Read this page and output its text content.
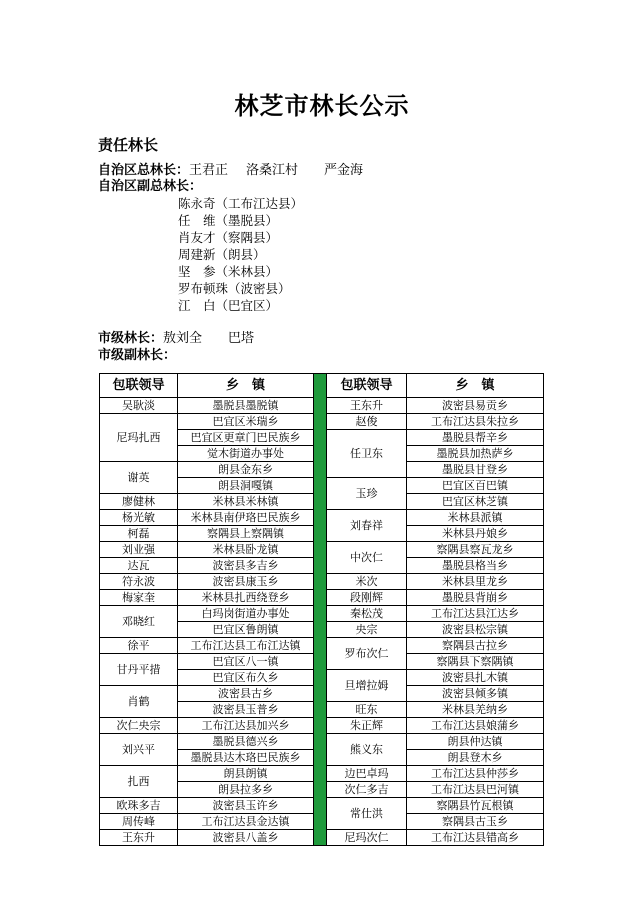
林芝市林长公示
责任林长
自治区总林长：王君正 洛桑江村 严金海
自治区副总林长：
陈永奇（工布江达县）
任　维（墨脱县）
肖友才（察隅县）
周建新（朗县）
坚　参（米林县）
罗布顿珠（波密县）
江　白（巴宜区）
市级林长：敖刘全 巴塔
市级副林长：
包联领导	乡　镇
吴耿淡	墨脱县墨脱镇
尼玛扎西	巴宜区米瑞乡
	巴宜区更章门巴民族乡
	觉木街道办事处
谢英	朗县金东乡
	朗县洞嘎镇
廖健林	米林县米林镇
杨光敏	米林县南伊珞巴民族乡
柯磊	察隅县上察隅镇
刘业强	米林县卧龙镇
达瓦	波密县多吉乡
符永波	波密县康玉乡
梅家奎	米林县扎西绕登乡
邓晓红	白玛岗街道办事处
	巴宜区鲁朗镇
徐平	工布江达县工布江达镇
甘丹平措	巴宜区八一镇
	巴宜区布久乡
肖鹤	波密县古乡
	波密县玉普乡
次仁央宗	工布江达县加兴乡
刘兴平	墨脱县德兴乡
	墨脱县达木珞巴民族乡
扎西	朗县朗镇
	朗县拉多乡
欧珠多吉	波密县玉许乡
周传峰	工布江达县金达镇
王东升	波密县八盖乡
包联领导	乡　镇
王东升	波密县易贡乡
赵俊	工布江达县朱拉乡
任卫东	墨脱县帮辛乡
	墨脱县加热萨乡
	墨脱县甘登乡
玉珍	巴宜区百巴镇
	巴宜区林芝镇
刘春祥	米林县派镇
	米林县丹娘乡
中次仁	察隅县察瓦龙乡
	墨脱县格当乡
米次	米林县里龙乡
段刚辉	墨脱县背崩乡
秦松茂	工布江达县江达乡
央宗	波密县松宗镇
罗布次仁	察隅县古拉乡
	察隅县下察隅镇
旦增拉姆	波密县扎木镇
	波密县倾多镇
旺东	米林县羌纳乡
朱正辉	工布江达县娘蒲乡
熊义东	朗县仲达镇
	朗县登木乡
边巴卓玛	工布江达县仲莎乡
次仁多吉	工布江达县巴河镇
常仕洪	察隅县竹瓦根镇
	察隅县古玉乡
尼玛次仁	工布江达县错高乡
